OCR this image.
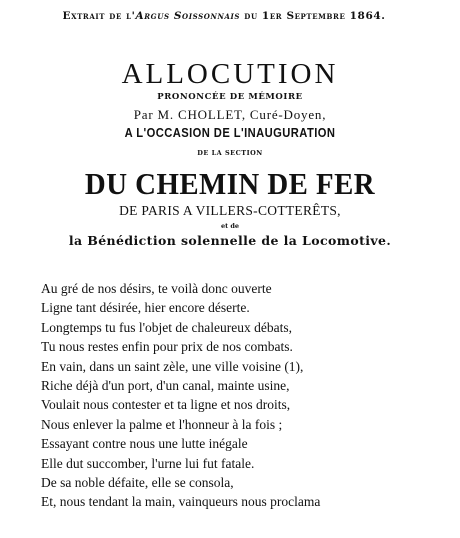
Extrait de l'Argus Soissonnais du 1er Septembre 1864.
ALLOCUTION
PRONONCÉE DE MÉMOIRE
Par M. CHOLLET, Curé-Doyen,
A L'OCCASION DE L'INAUGURATION
DE LA SECTION
DU CHEMIN DE FER
DE PARIS A VILLERS-COTTERÊTS,
et de
la Bénédiction solennelle de la Locomotive.
Au gré de nos désirs, te voilà donc ouverte
Ligne tant désirée, hier encore déserte.
Longtemps tu fus l'objet de chaleureux débats,
Tu nous restes enfin pour prix de nos combats.
En vain, dans un saint zèle, une ville voisine (1),
Riche déjà d'un port, d'un canal, mainte usine,
Voulait nous contester et ta ligne et nos droits,
Nous enlever la palme et l'honneur à la fois ;
Essayant contre nous une lutte inégale
Elle dut succomber, l'urne lui fut fatale.
De sa noble défaite, elle se consola,
Et, nous tendant la main, vainqueurs nous proclama
